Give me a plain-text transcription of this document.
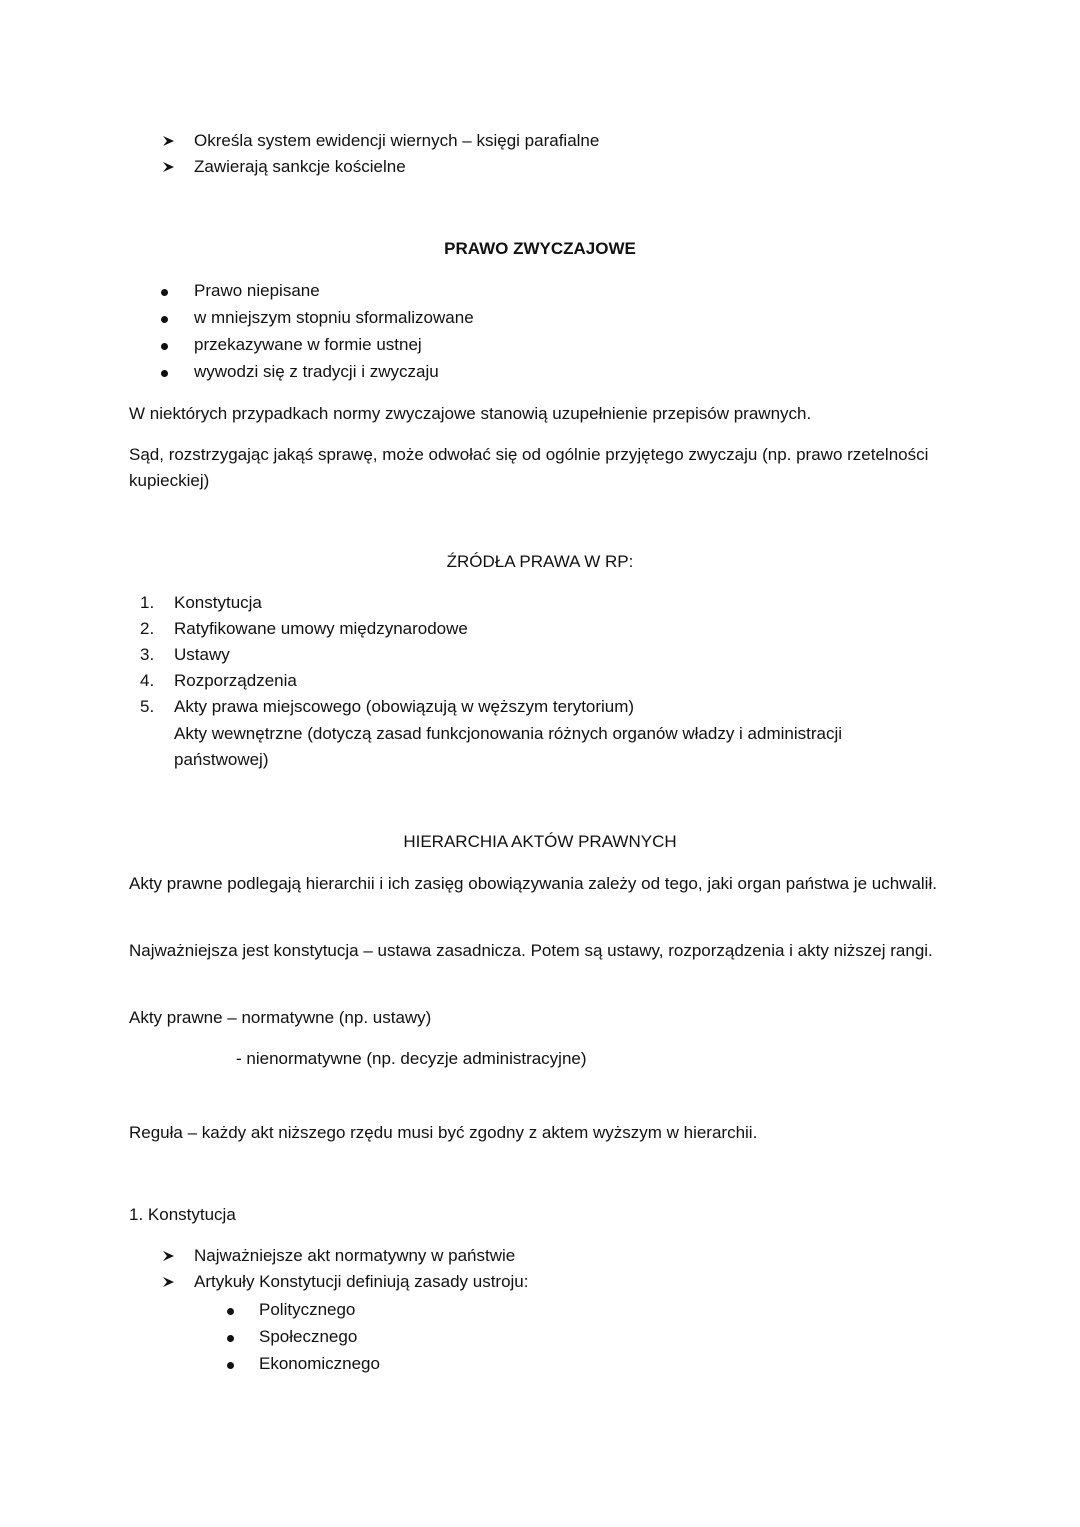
Określa system ewidencji wiernych – księgi parafialne
Zawierają sankcje kościelne
PRAWO ZWYCZAJOWE
Prawo niepisane
w mniejszym stopniu sformalizowane
przekazywane w formie ustnej
wywodzi się z tradycji i zwyczaju

W niektórych przypadkach normy zwyczajowe stanowią uzupełnienie przepisów prawnych.

Sąd, rozstrzygając jakąś sprawę, może odwołać się od ogólnie przyjętego zwyczaju (np. prawo rzetelności kupieckiej)

ŹRÓDŁA PRAWA W RP:
1. Konstytucja
2. Ratyfikowane umowy międzynarodowe
3. Ustawy
4. Rozporządzenia
5. Akty prawa miejscowego (obowiązują w węższym terytorium)

Akty wewnętrzne (dotyczą zasad funkcjonowania różnych organów władzy i administracji państwowej)

HIERARCHIA AKTÓW PRAWNYCH

Akty prawne podlegają hierarchii i ich zasięg obowiązywania zależy od tego, jaki organ państwa je uchwalił.

Najważniejsza jest konstytucja – ustawa zasadnicza. Potem są ustawy, rozporządzenia i akty niższej rangi.

Akty prawne – normatywne (np. ustawy)

- nienormatywne (np. decyzje administracyjne)

Reguła – każdy akt niższego rzędu musi być zgodny z aktem wyższym w hierarchii.

1. Konstytucja
Najważniejsze akt normatywny w państwie
Artykuły Konstytucji definiują zasady ustroju:
Politycznego
Społecznego
Ekonomicznego
